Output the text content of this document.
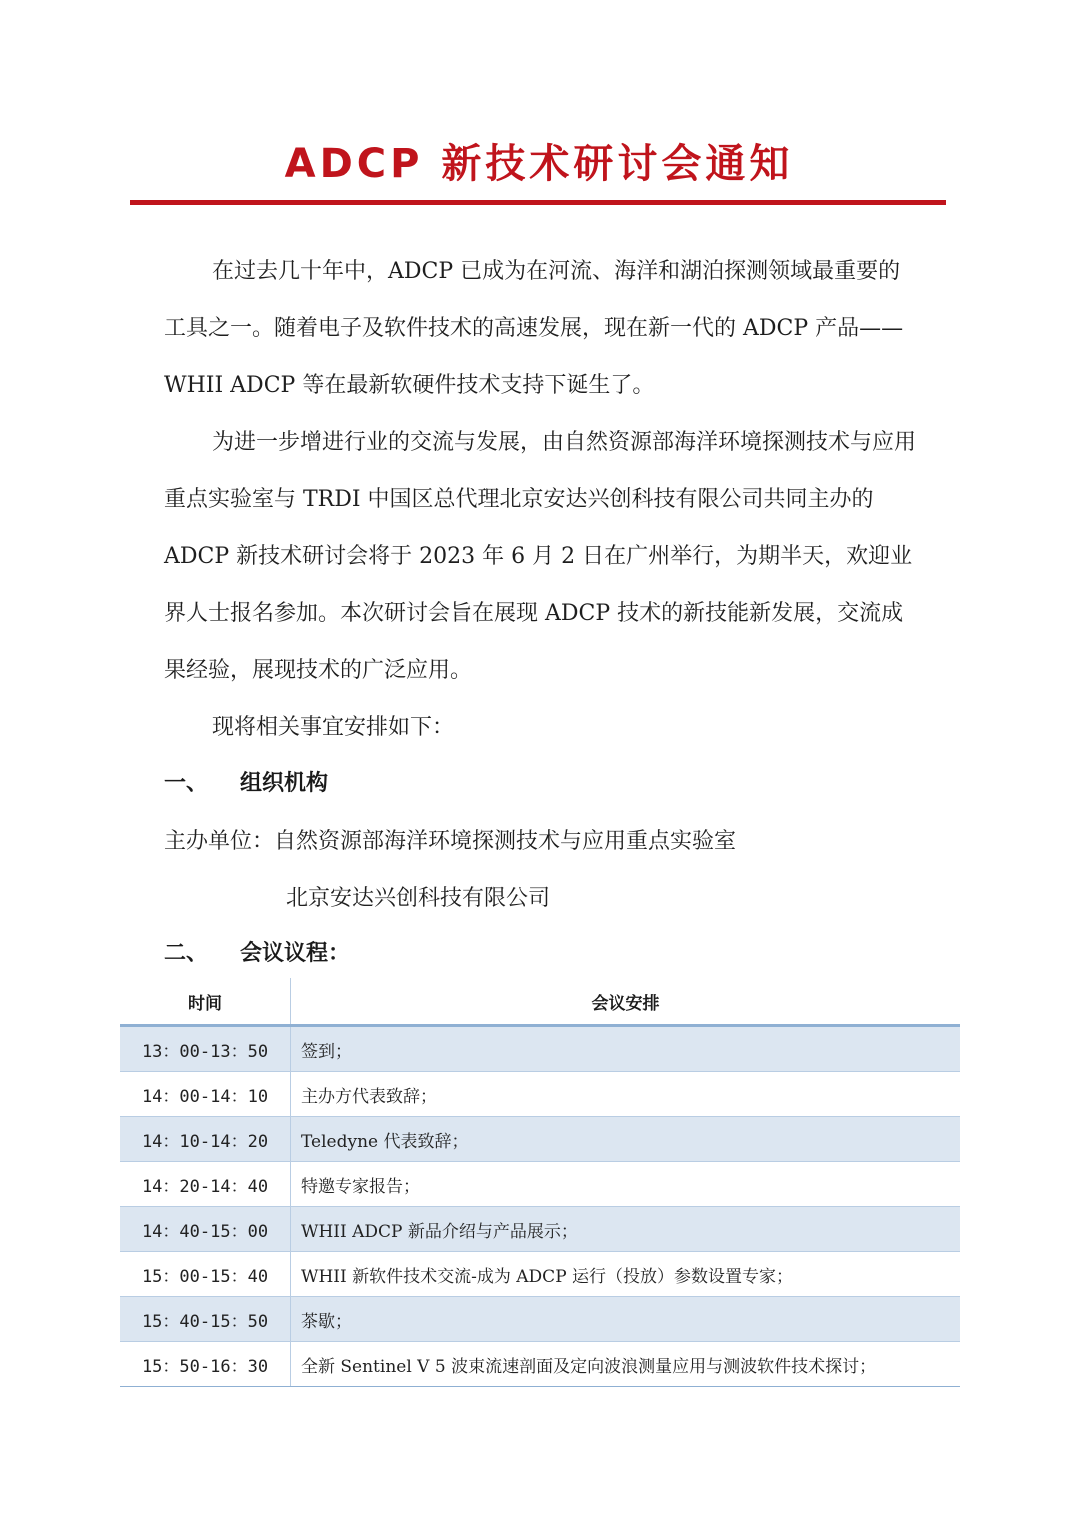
ADCP 新技术研讨会通知

在过去几十年中，ADCP 已成为在河流、海洋和湖泊探测领域最重要的工具之一。随着电子及软件技术的高速发展，现在新一代的 ADCP 产品—— WHII ADCP 等在最新软硬件技术支持下诞生了。

为进一步增进行业的交流与发展，由自然资源部海洋环境探测技术与应用重点实验室与 TRDI 中国区总代理北京安达兴创科技有限公司共同主办的 ADCP 新技术研讨会将于 2023 年 6 月 2 日在广州举行，为期半天，欢迎业界人士报名参加。本次研讨会旨在展现 ADCP 技术的新技能新发展，交流成果经验，展现技术的广泛应用。

现将相关事宜安排如下：

一、 组织机构
主办单位：自然资源部海洋环境探测技术与应用重点实验室
北京安达兴创科技有限公司
二、 会议议程：
时间	会议安排
13：00-13：50	签到；
14：00-14：10	主办方代表致辞；
14：10-14：20	Teledyne 代表致辞；
14：20-14：40	特邀专家报告；
14：40-15：00	WHII ADCP 新品介绍与产品展示；
15：00-15：40	WHII 新软件技术交流-成为 ADCP 运行（投放）参数设置专家；
15：40-15：50	茶歇；
15：50-16：30	全新 Sentinel V 5 波束流速剖面及定向波浪测量应用与测波软件技术探讨；
